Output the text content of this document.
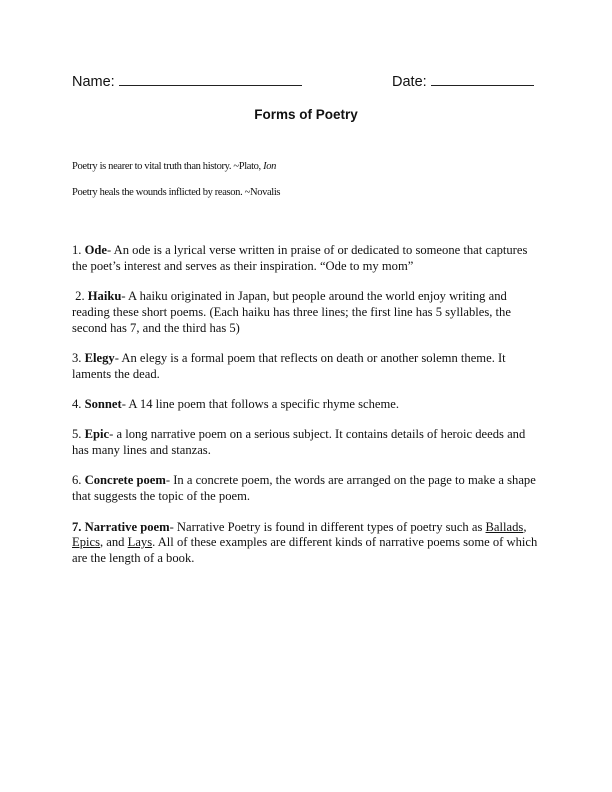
Name:	Date:
Forms of Poetry
Poetry is nearer to vital truth than history. ~Plato, Ion
Poetry heals the wounds inflicted by reason. ~Novalis

1. Ode- An ode is a lyrical verse written in praise of or dedicated to someone that captures the poet’s interest and serves as their inspiration. “Ode to my mom”

2. Haiku- A haiku originated in Japan, but people around the world enjoy writing and reading these short poems. (Each haiku has three lines; the first line has 5 syllables, the second has 7, and the third has 5)

3. Elegy- An elegy is a formal poem that reflects on death or another solemn theme. It laments the dead.

4. Sonnet- A 14 line poem that follows a specific rhyme scheme.

5. Epic- a long narrative poem on a serious subject. It contains details of heroic deeds and has many lines and stanzas.

6. Concrete poem- In a concrete poem, the words are arranged on the page to make a shape that suggests the topic of the poem.

7. Narrative poem- Narrative Poetry is found in different types of poetry such as Ballads, Epics, and Lays. All of these examples are different kinds of narrative poems some of which are the length of a book.
